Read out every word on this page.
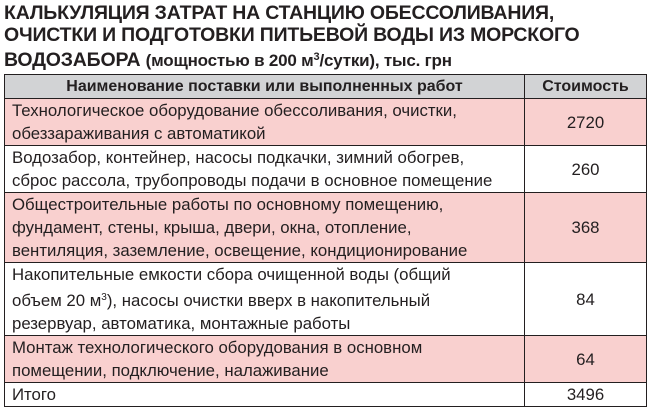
КАЛЬКУЛЯЦИЯ ЗАТРАТ НА СТАНЦИЮ ОБЕССОЛИВАНИЯ,
ОЧИСТКИ И ПОДГОТОВКИ ПИТЬЕВОЙ ВОДЫ ИЗ МОРСКОГО
ВОДОЗАБОРА (мощностью в 200 $м^3/сутки$), тыс. грн
Наименование поставки или выполненных работ	Стоимость

Технологическое оборудование обессоливания, очистки,
обеззараживания с автоматикой	2720

Водозабор, контейнер, насосы подкачки, зимний обогрев,
сброс рассола, трубопроводы подачи в основное помещение	260

Общестроительные работы по основному помещению,
фундамент, стены, крыша, двери, окна, отопление,
вентиляция, заземление, освещение, кондиционирование	368

Накопительные емкости сбора очищенной воды (общий
объем 20 $м^3$), насосы очистки вверх в накопительный
резервуар, автоматика, монтажные работы	84

Монтаж технологического оборудования в основном
помещении, подключение, налаживание	64

Итого	3496
